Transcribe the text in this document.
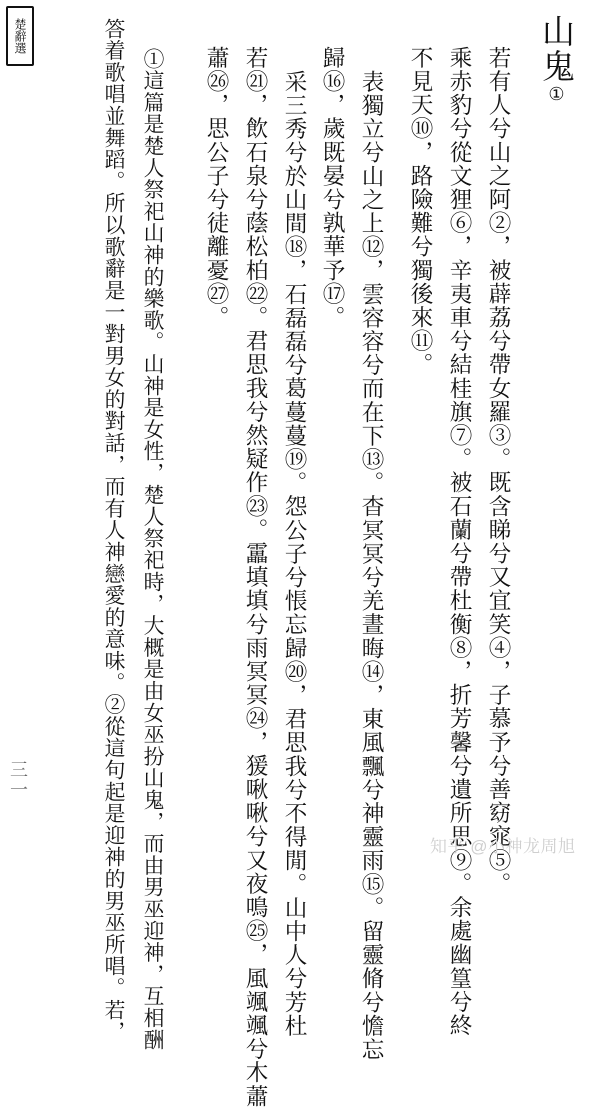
楚辭選	山鬼①
若有人兮山之阿②，被薜荔兮帶女羅③。既含睇兮又宜笑④，子慕予兮善窈窕⑤。
乘赤豹兮從文狸⑥，辛夷車兮結桂旗⑦。被石蘭兮帶杜衡⑧，折芳馨兮遺所思⑨。余處幽篁兮終
不見天⑩，路險難兮獨後來⑪。
表獨立兮山之上⑫，雲容容兮而在下⑬。杳冥冥兮羌晝晦⑭，東風飄兮神靈雨⑮。留靈脩兮憺忘
歸⑯，歲既晏兮孰華予⑰。
采三秀兮於山間⑱，石磊磊兮葛蔓蔓⑲。怨公子兮悵忘歸⑳，君思我兮不得閒。山中人兮芳杜
若㉑，飲石泉兮蔭松柏㉒。君思我兮然疑作㉓。靁填填兮雨冥冥㉔，猨啾啾兮又夜鳴㉕，風颯颯兮木蕭
蕭㉖，思公子兮徒離憂㉗。
①這篇是楚人祭祀山神的樂歌。山神是女性，楚人祭祀時，大概是由女巫扮山鬼，而由男巫迎神，互相酬
答着歌唱並舞蹈。所以歌辭是一對男女的對話，而有人神戀愛的意味。②從這句起是迎神的男巫所唱。若，
三一
知乎 @小神龙周旭
